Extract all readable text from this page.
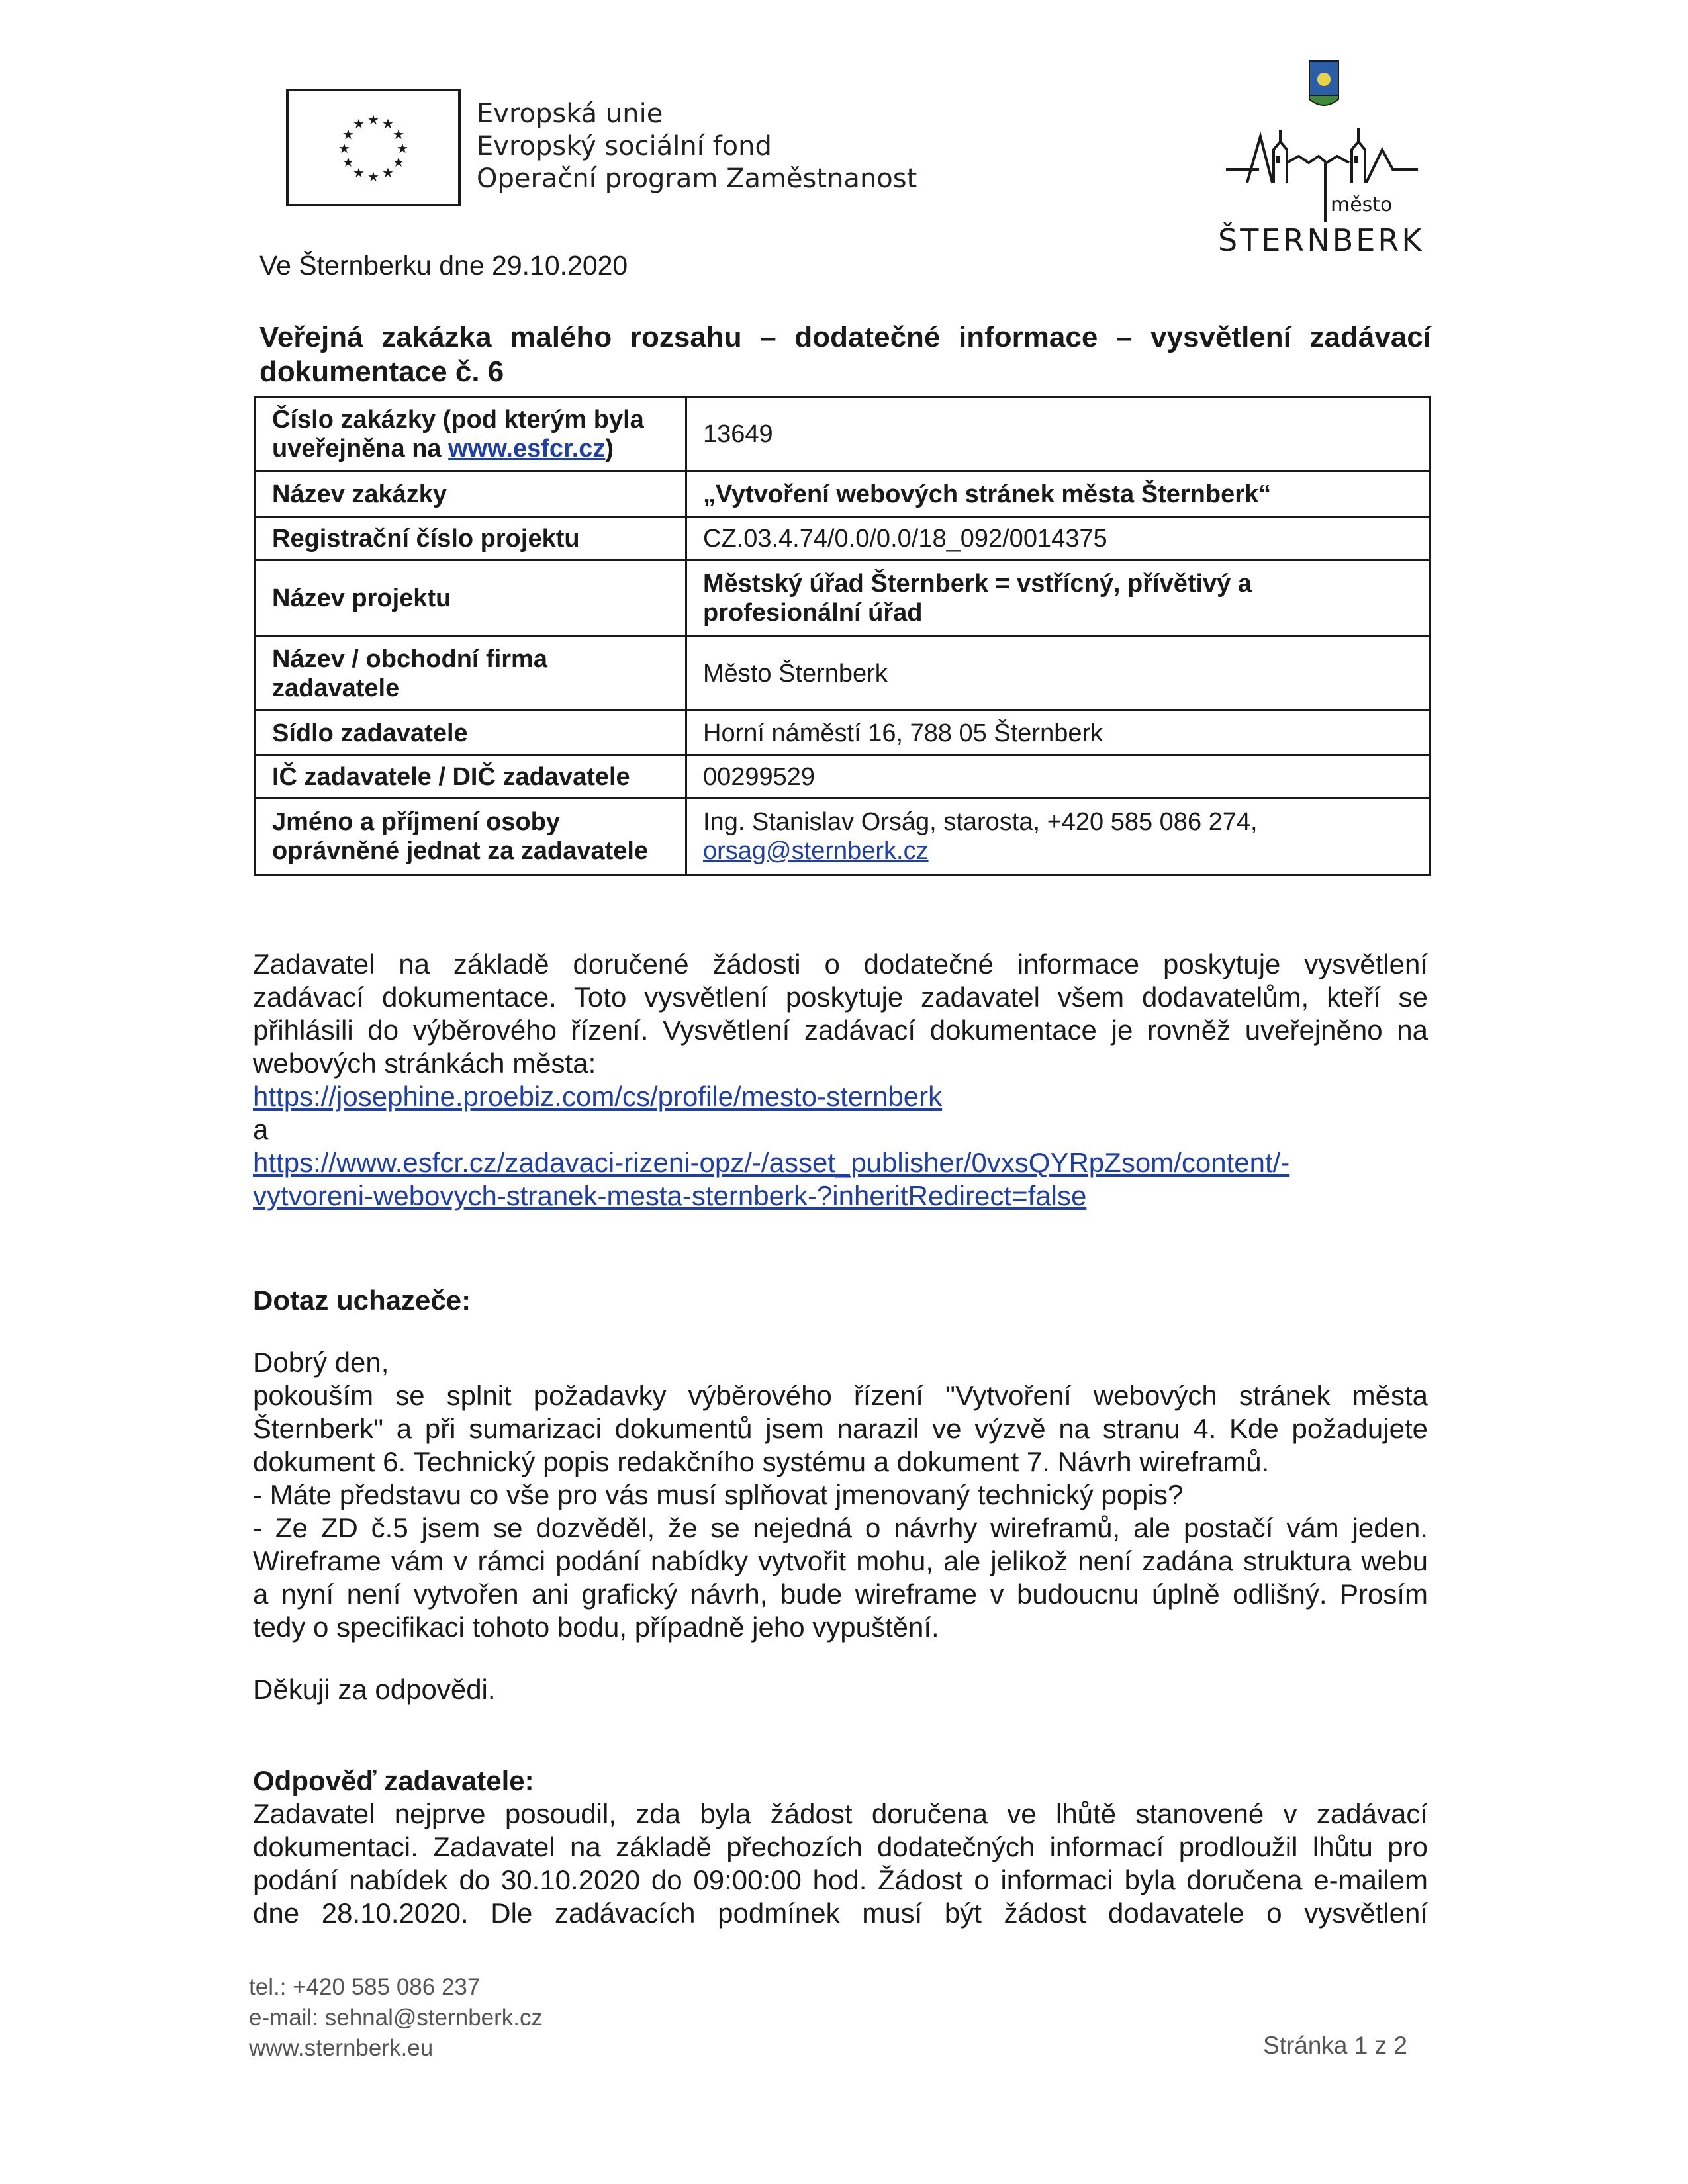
★ ★
★
★
★
★
★
★
★
★
★
★	Evropská unie
Evropský sociální fond
Operační program Zaměstnanost
město
ŠTERNBERK
Ve Šternberku dne 29.10.2020
Veřejná zakázka malého rozsahu – dodatečné informace – vysvětlení zadávací
dokumentace č. 6
Číslo zakázky (pod kterým byla uveřejněna na www.esfcr.cz)	13649
Název zakázky	„Vytvoření webových stránek města Šternberk“
Registrační číslo projektu	CZ.03.4.74/0.0/0.0/18_092/0014375
Název projektu	Městský úřad Šternberk = vstřícný, přívětivý a profesionální úřad
Název / obchodní firma zadavatele	Město Šternberk
Sídlo zadavatele	Horní náměstí 16, 788 05 Šternberk
IČ zadavatele / DIČ zadavatele	00299529
Jméno a příjmení osoby oprávněné jednat za zadavatele	Ing. Stanislav Orság, starosta, +420 585 086 274,
orsag@sternberk.cz
Zadavatel na základě doručené žádosti o dodatečné informace poskytuje vysvětlení
zadávací dokumentace. Toto vysvětlení poskytuje zadavatel všem dodavatelům, kteří se
přihlásili do výběrového řízení. Vysvětlení zadávací dokumentace je rovněž uveřejněno na
webových stránkách města:
https://josephine.proebiz.com/cs/profile/mesto-sternberk
a
https://www.esfcr.cz/zadavaci-rizeni-opz/-/asset_publisher/0vxsQYRpZsom/content/-
vytvoreni-webovych-stranek-mesta-sternberk-?inheritRedirect=false
Dotaz uchazeče:
Dobrý den,
pokouším se splnit požadavky výběrového řízení "Vytvoření webových stránek města
Šternberk" a při sumarizaci dokumentů jsem narazil ve výzvě na stranu 4. Kde požadujete
dokument 6. Technický popis redakčního systému a dokument 7. Návrh wireframů.
- Máte představu co vše pro vás musí splňovat jmenovaný technický popis?
- Ze ZD č.5 jsem se dozvěděl, že se nejedná o návrhy wireframů, ale postačí vám jeden.
Wireframe vám v rámci podání nabídky vytvořit mohu, ale jelikož není zadána struktura webu
a nyní není vytvořen ani grafický návrh, bude wireframe v budoucnu úplně odlišný. Prosím
tedy o specifikaci tohoto bodu, případně jeho vypuštění.
Děkuji za odpovědi.
Odpověď zadavatele:
Zadavatel nejprve posoudil, zda byla žádost doručena ve lhůtě stanovené v zadávací
dokumentaci. Zadavatel na základě přechozích dodatečných informací prodloužil lhůtu pro
podání nabídek do 30.10.2020 do 09:00:00 hod. Žádost o informaci byla doručena e-mailem
dne 28.10.2020. Dle zadávacích podmínek musí být žádost dodavatele o vysvětlení
tel.: +420 585 086 237
e-mail: sehnal@sternberk.cz
www.sternberk.eu	Stránka 1 z 2
